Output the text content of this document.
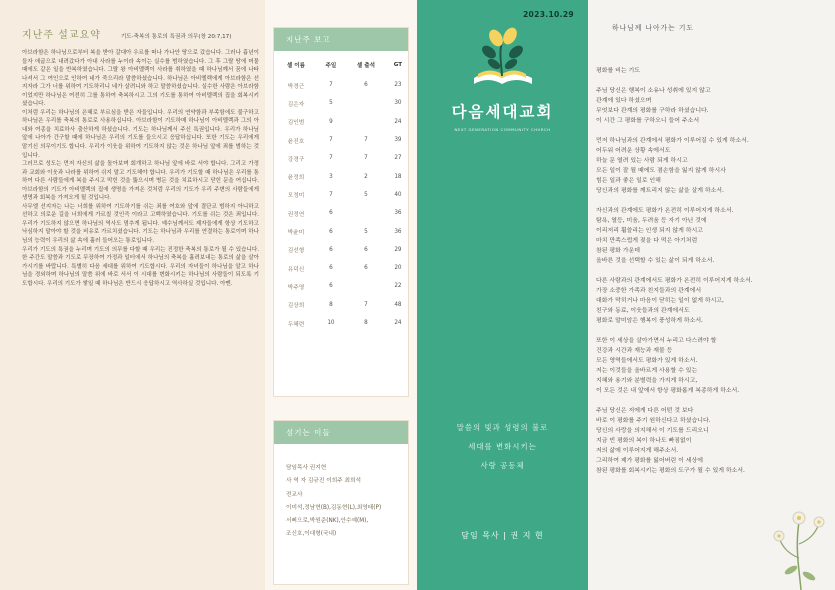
지난주 설교요약	기도-축복의 통로의 특권과 의무(창 20:7,17)

아브라함은 하나님으로부터 복을 받아 갈대아 우르를 떠나 가나안 땅으로 갔습니다. 그러나 흉년이 들자 애굽으로 내려갔다가 아내 사라를 누이라 속이는 실수를 범하였습니다. 그 후 그랄 땅에 머물 때에도 같은 일을 반복하였습니다. 그랄 왕 아비멜렉이 사라를 취하였을 때 하나님께서 꿈에 나타나셔서 그 여인으로 인하여 네가 죽으리라 말씀하셨습니다. 하나님은 아비멜렉에게 아브라함은 선지자라 그가 너를 위하여 기도하리니 네가 살려니와 하고 말씀하셨습니다. 실수한 사람은 아브라함이었지만 하나님은 여전히 그를 통하여 축복하시고 그의 기도를 통하여 아비멜렉의 집을 회복시키셨습니다.

이처럼 우리는 하나님의 은혜로 부르심을 받은 자들입니다. 우리의 연약함과 부족함에도 불구하고 하나님은 우리를 축복의 통로로 사용하십니다. 아브라함이 기도하매 하나님이 아비멜렉과 그의 아내와 여종을 치료하사 출산하게 하셨습니다. 기도는 하나님께서 주신 특권입니다. 우리가 하나님 앞에 나아가 간구할 때에 하나님은 우리의 기도를 들으시고 응답하십니다. 또한 기도는 우리에게 맡기신 의무이기도 합니다. 우리가 이웃을 위하여 기도하지 않는 것은 하나님 앞에 죄를 범하는 것입니다.

그러므로 성도는 먼저 자신의 삶을 돌아보며 회개하고 하나님 앞에 바로 서야 합니다. 그리고 가정과 교회와 이웃과 나라를 위하여 쉬지 말고 기도해야 합니다. 우리가 기도할 때 하나님은 우리를 통하여 다른 사람들에게 복을 주시고 막힌 것을 뚫으시며 병든 것을 치료하시고 닫힌 문을 여십니다. 아브라함의 기도가 아비멜렉의 집에 생명을 가져온 것처럼 우리의 기도가 우리 주변의 사람들에게 생명과 회복을 가져오게 될 것입니다.

사무엘 선지자는 나는 너희를 위하여 기도하기를 쉬는 죄를 여호와 앞에 결단코 범하지 아니하고 선하고 의로운 길을 너희에게 가르칠 것인즉 이라고 고백하였습니다. 기도를 쉬는 것은 죄입니다. 우리가 기도하지 않으면 하나님의 역사도 멈추게 됩니다. 예수님께서도 제자들에게 항상 기도하고 낙심하지 말아야 할 것을 비유로 가르치셨습니다. 기도는 하나님과 우리를 연결하는 통로이며 하나님의 능력이 우리의 삶 속에 흘러 들어오는 통로입니다.

우리가 기도의 특권을 누리며 기도의 의무를 다할 때 우리는 진정한 축복의 통로가 될 수 있습니다. 한 주간도 말씀과 기도로 무장하여 가정과 일터에서 하나님의 축복을 흘려보내는 통로의 삶을 살아가시기를 바랍니다. 특별히 다음 세대를 위하여 기도합시다. 우리의 자녀들이 하나님을 알고 하나님을 경외하며 하나님의 말씀 위에 바로 서서 이 시대를 변화시키는 하나님의 사람들이 되도록 기도합시다. 우리의 기도가 쌓일 때 하나님은 반드시 응답하시고 역사하실 것입니다. 아멘.

지난주 보고
셀 이름	주일	셀 출석	GT
박경근	7	6	23
김은자	5		30
김인범	9		24
윤진호	7	7	39
강경구	7	7	27
윤정희	3	2	18
모정미	7	5	40
권정연	6		36
박윤미	6	5	36
김선형	6	6	29
유덕신	6	6	20
박주영	6		22
김상희	8	7	48
두혜련	10	8	24
섬기는 이들
담임목사 권지현
사 역 자 김규진 이희주 최희석
전교사
이미석,정남현(B),김동현(L),최영태(P)
서삐으로,박원준(NK),안수예(M),
조신호,이대형(국내)
2023.10.29
다음세대교회
NEXT GENERATION COMMUNITY CHURCH
말씀의 빛과 성령의 불로
세대를 변화시키는
사랑 공동체
담임 목사 | 권 지 현
하나님께 나아가는 기도
평화를 비는 기도
주님 당신은 행복이 소유나 성취에 있지 않고
관계에 있다 하셨으며
무엇보다 관계의 평화를 구하라 하셨습니다.
이 시간 그 평화를 구하오니 들어 주소서
먼저 하나님과의 관계에서 평화가 이루어질 수 있게 하소서.
어두워 어려운 상황 속에서도
하늘 문 열려 있는 사람 되게 하시고
모든 일이 잘 될 때에도 겸손함을 잃지 않게 하시사
힘든 일과 좋은 일로 인해
당신과의 평화를 깨트리지 않는 삶을 살게 하소서.
자신과의 관계에도 평화가 온전히 이루어지게 하소서.
탐욕, 열등, 미움, 두려움 등 자기 아닌 것에
이리저리 휩쓸리는 인생 되지 않게 하시고
마치 만족스럽게 젖을 다 먹은 아기처럼
참된 평화 가운데
올바른 것을 선택할 수 있는 삶이 되게 하소서.
다른 사람과의 관계에서도 평화가 온전히 이루어지게 하소서.
가장 소중한 가족과 친지들과의 관계에서
대화가 막히거나 마음이 닫히는 일이 없게 하시고,
친구와 동료, 이웃들과의 관계에서도
평화로 말미암은 행복이 풍성하게 하소서.
또한 이 세상을 살아가면서 누리고 다스려야 할
건강과 시간과 재능과 재물 등
모든 영역들에서도 평화가 있게 하소서.
저는 이것들을 올바르게 사용할 수 있는
지혜와 용기와 분별력을 가지게 하시고,
이 모든 것은 내 앞에서 항상 평화롭게 복종하게 하소서.
주님 당신은 저에게 다른 어떤 것 보다
바로 이 평화를 주기 원하신다고 하셨습니다.
당신의 사랑을 의지해서 이 기도를 드리오니
지금 빈 평화의 복이 하나도 빠짐없이
저의 삶에 이루어지게 해주소서.
그리하여 제가 평화를 잃어버린 이 세상에
참된 평화를 회복시키는 평화의 도구가 될 수 있게 하소서.
